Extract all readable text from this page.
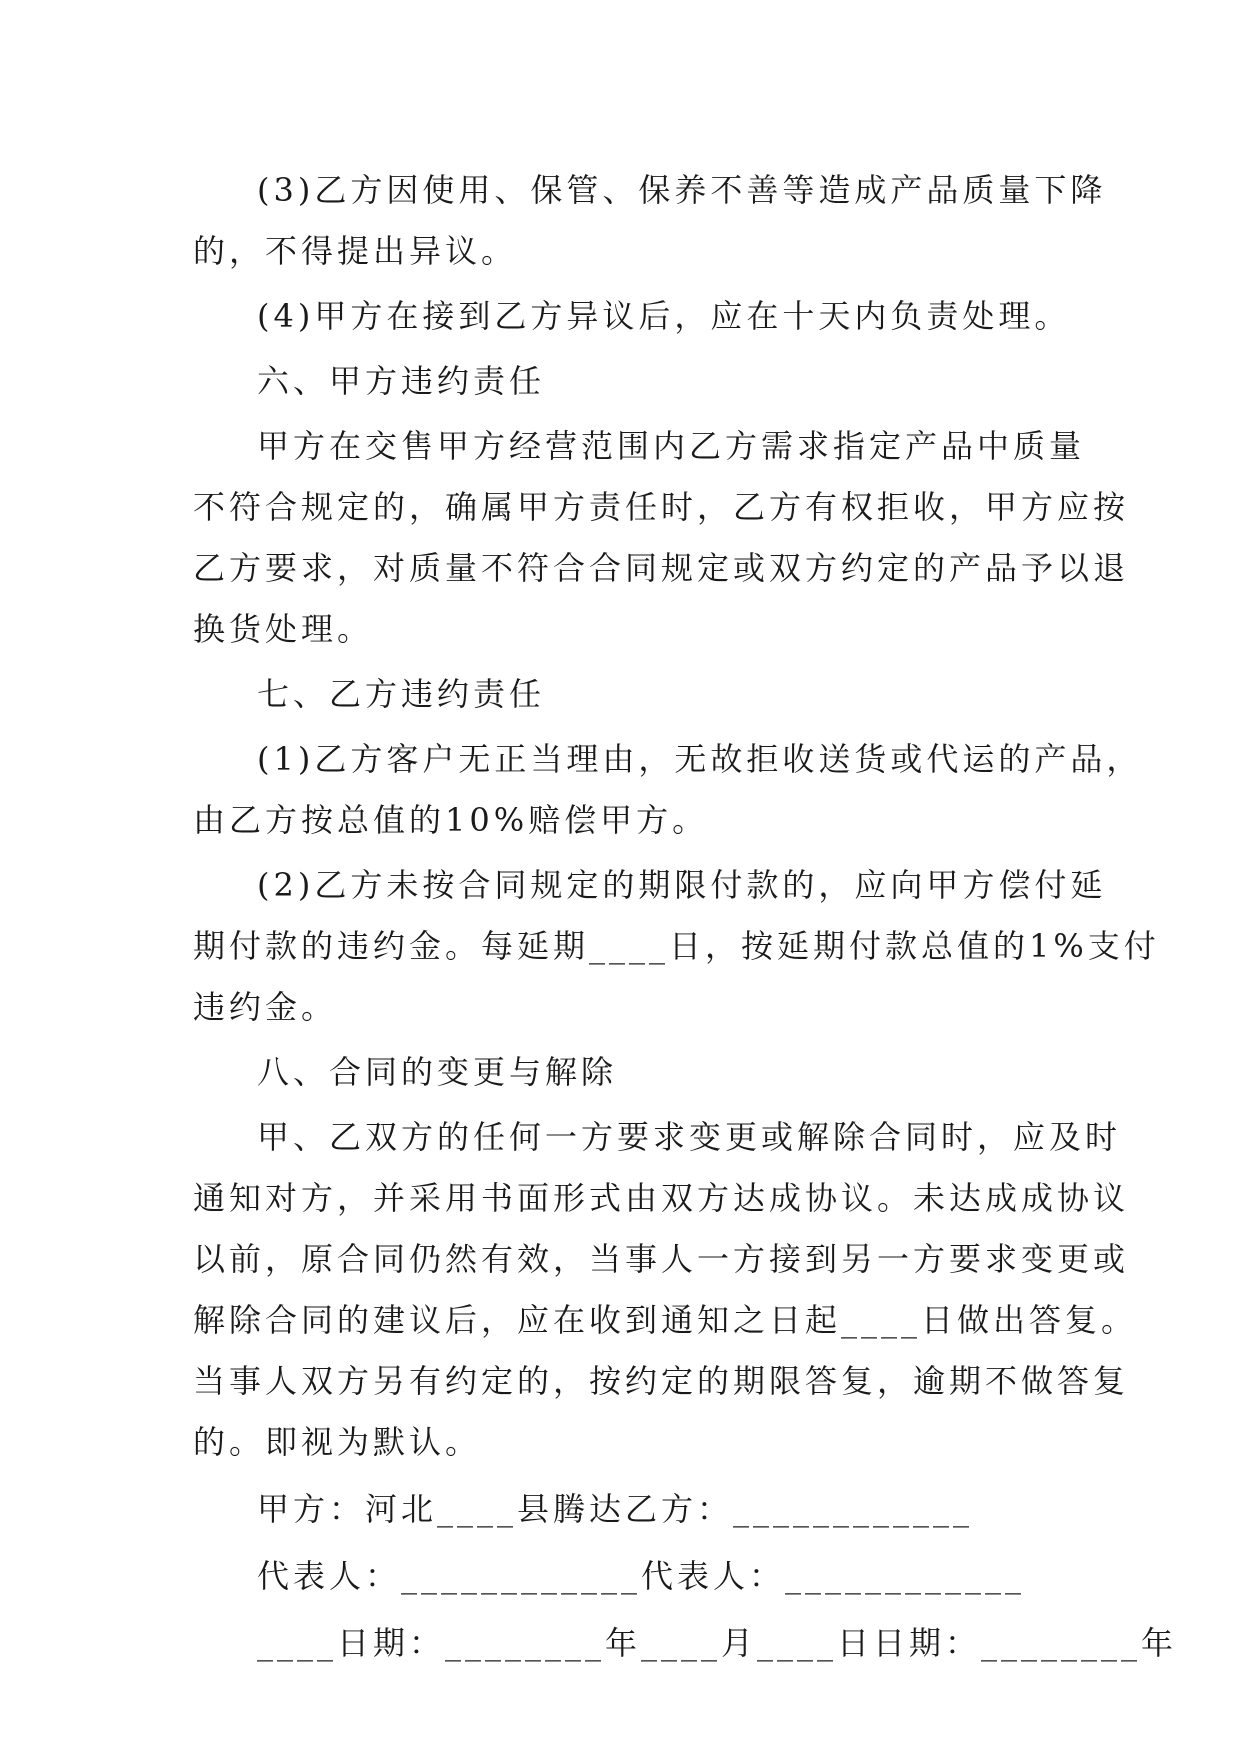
(3)乙方因使用、保管、保养不善等造成产品质量下降
的，不得提出异议。
(4)甲方在接到乙方异议后，应在十天内负责处理。
六、甲方违约责任
甲方在交售甲方经营范围内乙方需求指定产品中质量
不符合规定的，确属甲方责任时，乙方有权拒收，甲方应按
乙方要求，对质量不符合合同规定或双方约定的产品予以退
换货处理。
七、乙方违约责任
(1)乙方客户无正当理由，无故拒收送货或代运的产品，
由乙方按总值的10%赔偿甲方。
(2)乙方未按合同规定的期限付款的，应向甲方偿付延
期付款的违约金。每延期____日，按延期付款总值的1%支付
违约金。
八、合同的变更与解除
甲、乙双方的任何一方要求变更或解除合同时，应及时
通知对方，并采用书面形式由双方达成协议。未达成成协议
以前，原合同仍然有效，当事人一方接到另一方要求变更或
解除合同的建议后，应在收到通知之日起____日做出答复。
当事人双方另有约定的，按约定的期限答复，逾期不做答复
的。即视为默认。
甲方：河北____县腾达乙方：____________
代表人：____________代表人：____________
____日期：________年____月____日日期：________年
